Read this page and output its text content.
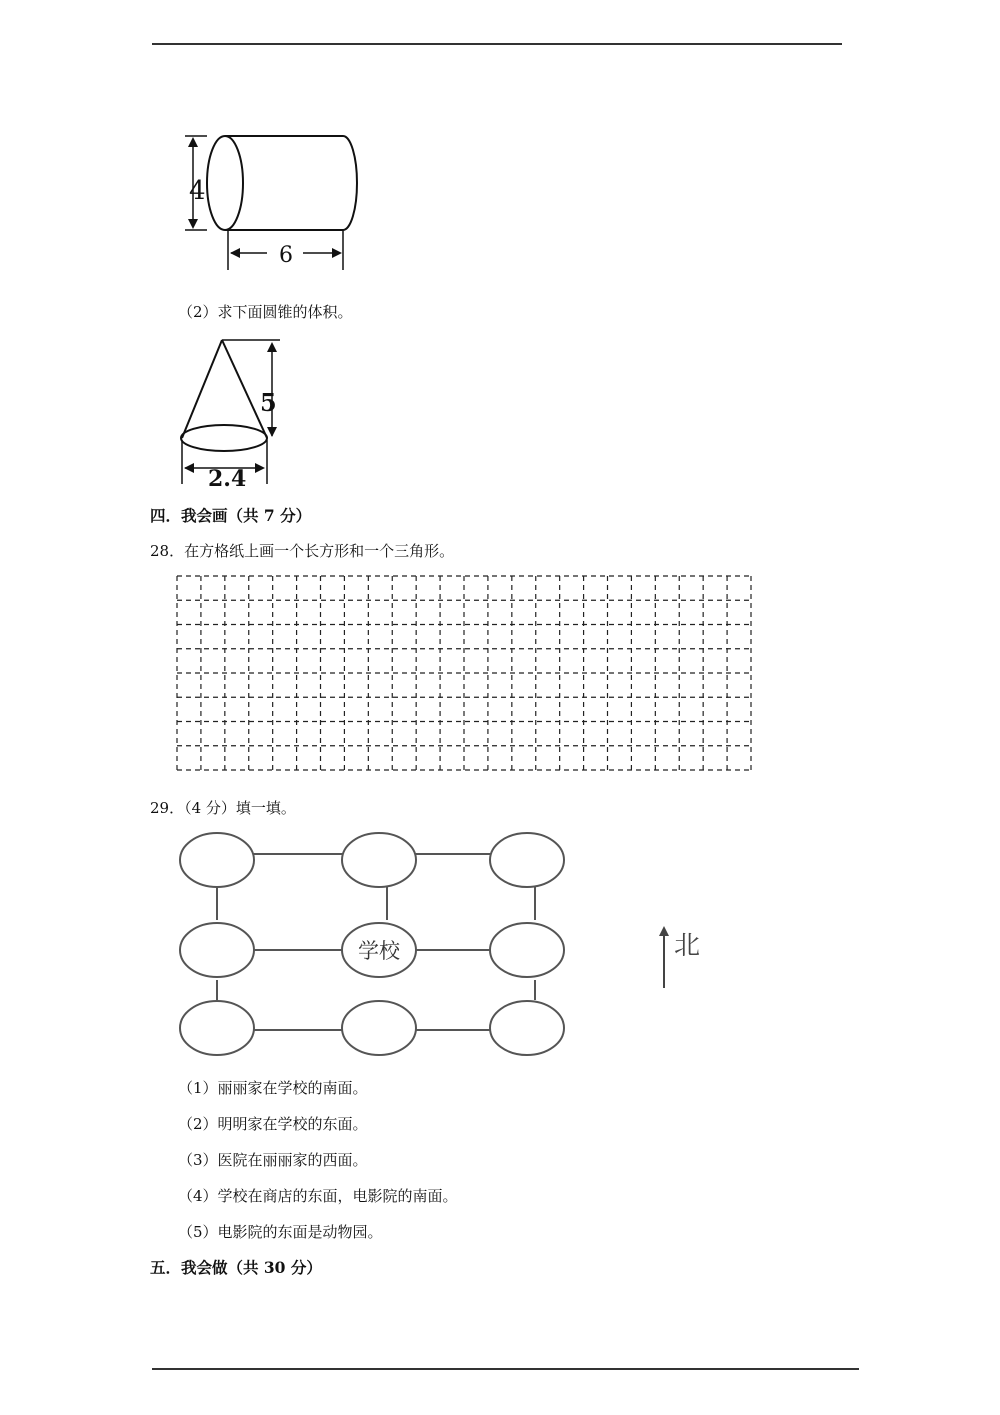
4
6
（2）求下面圆锥的体积。
5
2.4
四．我会画（共 7 分）
28．在方格纸上画一个长方形和一个三角形。
29．（4 分）填一填。
学校	北
（1）丽丽家在学校的南面。
（2）明明家在学校的东面。
（3）医院在丽丽家的西面。
（4）学校在商店的东面，电影院的南面。
（5）电影院的东面是动物园。
五．我会做（共 30 分）
